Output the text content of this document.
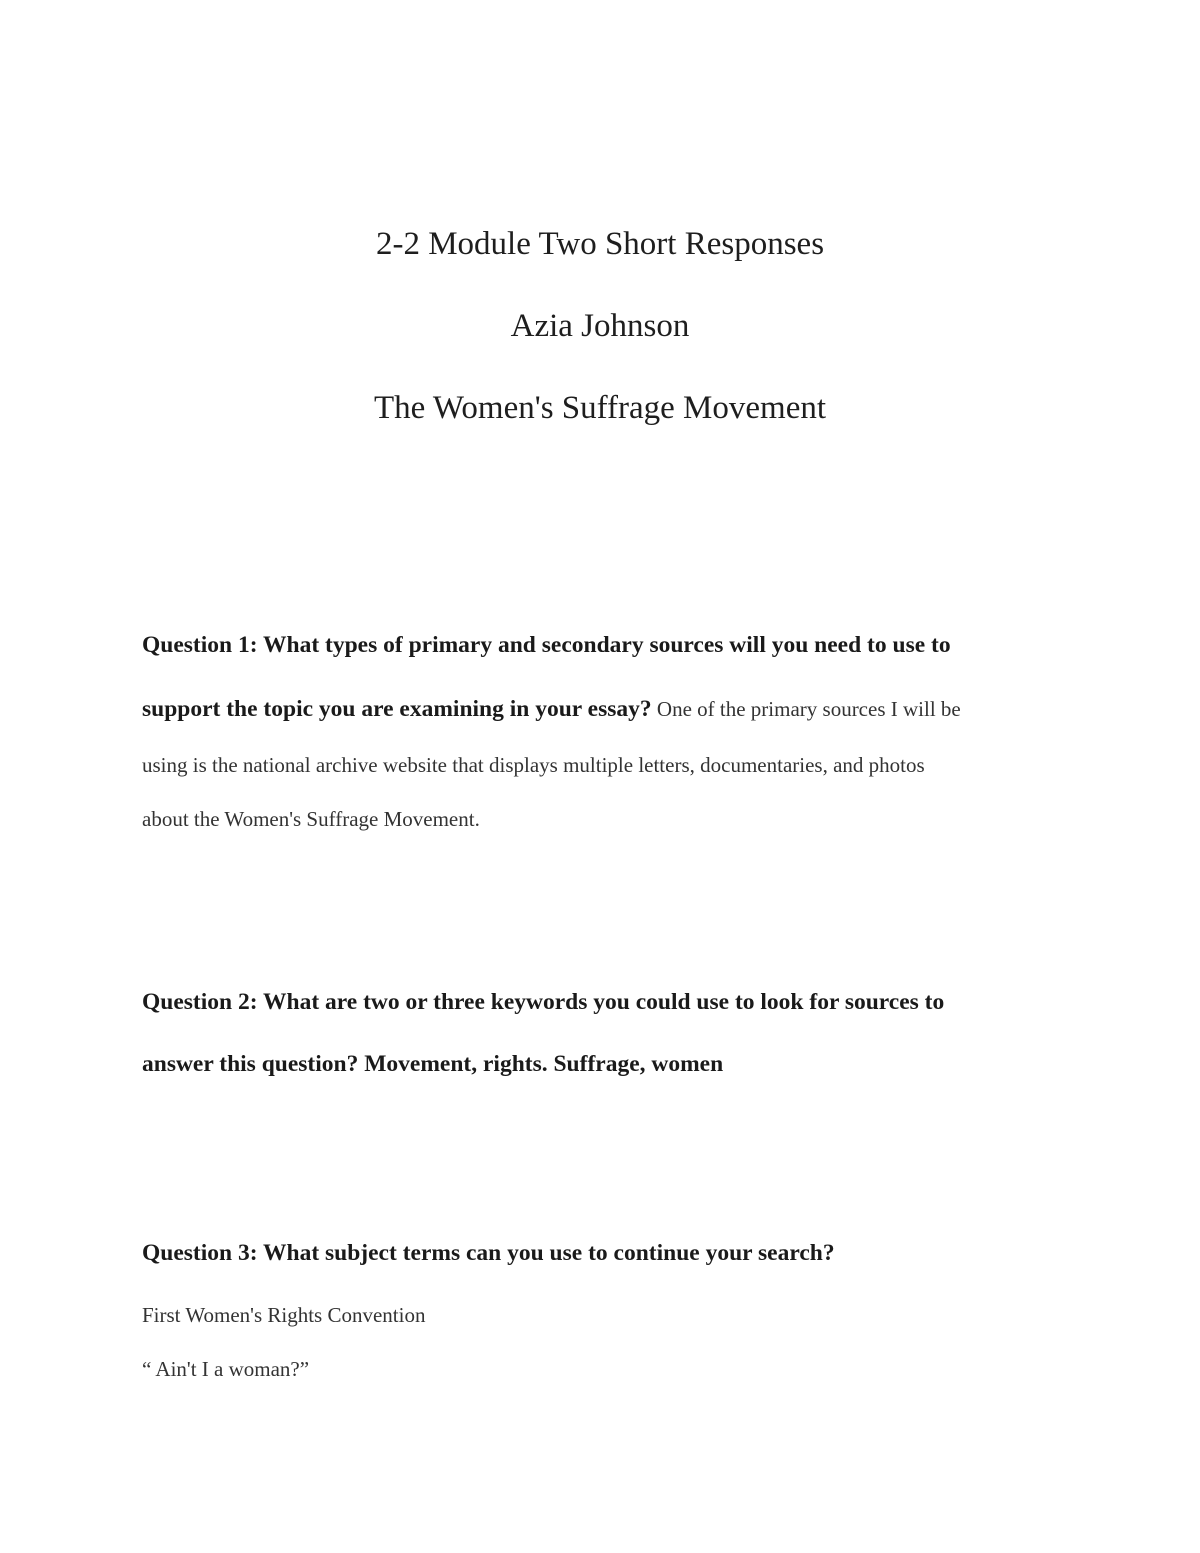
2-2 Module Two Short Responses
Azia Johnson
The Women's Suffrage Movement
Question 1: What types of primary and secondary sources will you need to use to
support the topic you are examining in your essay? One of the primary sources I will be
using is the national archive website that displays multiple letters, documentaries, and photos
about the Women's Suffrage Movement.
Question 2: What are two or three keywords you could use to look for sources to
answer this question? Movement, rights. Suffrage, women
Question 3: What subject terms can you use to continue your search?
First Women's Rights Convention
“ Ain't I a woman?”
